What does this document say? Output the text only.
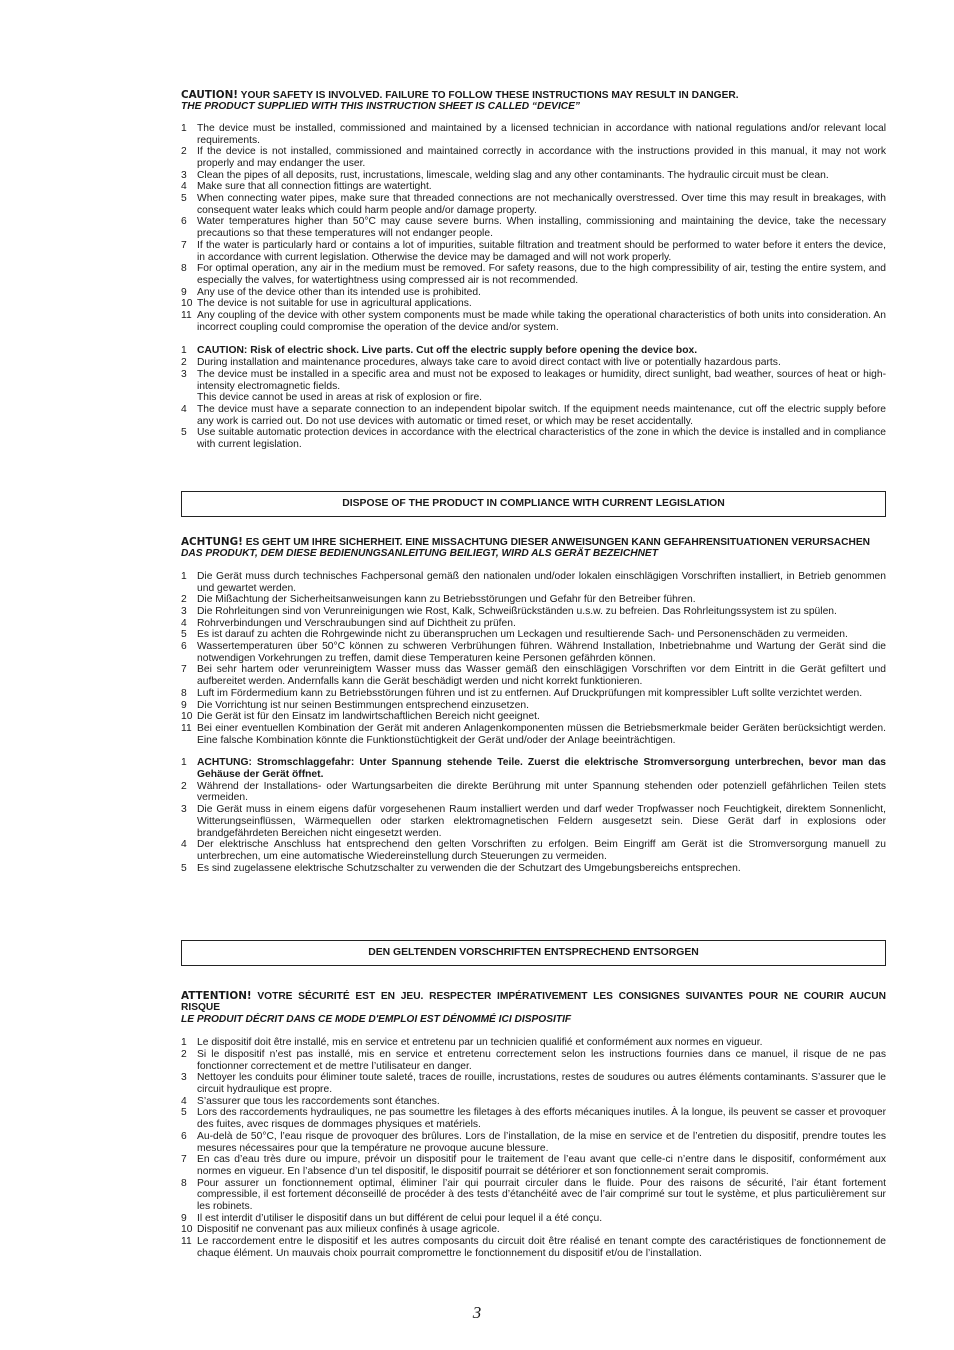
CAUTION! YOUR SAFETY IS INVOLVED. FAILURE TO FOLLOW THESE INSTRUCTIONS MAY RESULT IN DANGER.
THE PRODUCT SUPPLIED WITH THIS INSTRUCTION SHEET IS CALLED “DEVICE”

1 The device must be installed, commissioned and maintained by a licensed technician in accordance with national regulations and/or relevant local requirements.
2 If the device is not installed, commissioned and maintained correctly in accordance with the instructions provided in this manual, it may not work properly and may endanger the user.
3 Clean the pipes of all deposits, rust, incrustations, limescale, welding slag and any other contaminants. The hydraulic circuit must be clean.
4 Make sure that all connection fittings are watertight.
5 When connecting water pipes, make sure that threaded connections are not mechanically overstressed. Over time this may result in breakages, with consequent water leaks which could harm people and/or damage property.
6 Water temperatures higher than 50°C may cause severe burns. When installing, commissioning and maintaining the device, take the necessary precautions so that these temperatures will not endanger people.
7 If the water is particularly hard or contains a lot of impurities, suitable filtration and treatment should be performed to water before it enters the device, in accordance with current legislation. Otherwise the device may be damaged and will not work properly.
8 For optimal operation, any air in the medium must be removed. For safety reasons, due to the high compressibility of air, testing the entire system, and especially the valves, for watertightness using compressed air is not recommended.
9 Any use of the device other than its intended use is prohibited.
10 The device is not suitable for use in agricultural applications.
11 Any coupling of the device with other system components must be made while taking the operational characteristics of both units into consideration. An incorrect coupling could compromise the operation of the device and/or system.
1 CAUTION: Risk of electric shock. Live parts. Cut off the electric supply before opening the device box.
2 During installation and maintenance procedures, always take care to avoid direct contact with live or potentially hazardous parts.
3 The device must be installed in a specific area and must not be exposed to leakages or humidity, direct sunlight, bad weather, sources of heat or high-intensity electromagnetic fields.
This device cannot be used in areas at risk of explosion or fire.
4 The device must have a separate connection to an independent bipolar switch. If the equipment needs maintenance, cut off the electric supply before any work is carried out. Do not use devices with automatic or timed reset, or which may be reset accidentally.
5 Use suitable automatic protection devices in accordance with the electrical characteristics of the zone in which the device is installed and in compliance with current legislation.
DISPOSE OF THE PRODUCT IN COMPLIANCE WITH CURRENT LEGISLATION

ACHTUNG! ES GEHT UM IHRE SICHERHEIT. EINE MISSACHTUNG DIESER ANWEISUNGEN KANN GEFAHRENSITUATIONEN VERURSACHEN
DAS PRODUKT, DEM DIESE BEDIENUNGSANLEITUNG BEILIEGT, WIRD ALS GERÄT BEZEICHNET

1 Die Gerät muss durch technisches Fachpersonal gemäß den nationalen und/oder lokalen einschlägigen Vorschriften installiert, in Betrieb genommen und gewartet werden.
2 Die Mißachtung der Sicherheitsanweisungen kann zu Betriebsstörungen und Gefahr für den Betreiber führen.
3 Die Rohrleitungen sind von Verunreinigungen wie Rost, Kalk, Schweißrückständen u.s.w. zu befreien. Das Rohrleitungssystem ist zu spülen.
4 Rohrverbindungen und Verschraubungen sind auf Dichtheit zu prüfen.
5 Es ist darauf zu achten die Rohrgewinde nicht zu überanspruchen um Leckagen und resultierende Sach- und Personenschäden zu vermeiden.
6 Wassertemperaturen über 50°C können zu schweren Verbrühungen führen. Während Installation, Inbetriebnahme und Wartung der Gerät sind die notwendigen Vorkehrungen zu treffen, damit diese Temperaturen keine Personen gefährden können.
7 Bei sehr hartem oder verunreinigtem Wasser muss das Wasser gemäß den einschlägigen Vorschriften vor dem Eintritt in die Gerät gefiltert und aufbereitet werden. Andernfalls kann die Gerät beschädigt werden und nicht korrekt funktionieren.
8 Luft im Fördermedium kann zu Betriebsstörungen führen und ist zu entfernen. Auf Druckprüfungen mit kompressibler Luft sollte verzichtet werden.
9 Die Vorrichtung ist nur seinen Bestimmungen entsprechend einzusetzen.
10 Die Gerät ist für den Einsatz im landwirtschaftlichen Bereich nicht geeignet.
11 Bei einer eventuellen Kombination der Gerät mit anderen Anlagenkomponenten müssen die Betriebsmerkmale beider Geräten berücksichtigt werden. Eine falsche Kombination könnte die Funktionstüchtigkeit der Gerät und/oder der Anlage beeinträchtigen.
1 ACHTUNG: Stromschlaggefahr: Unter Spannung stehende Teile. Zuerst die elektrische Stromversorgung unterbrechen, bevor man das Gehäuse der Gerät öffnet.
2 Während der Installations- oder Wartungsarbeiten die direkte Berührung mit unter Spannung stehenden oder potenziell gefährlichen Teilen stets vermeiden.
3 Die Gerät muss in einem eigens dafür vorgesehenen Raum installiert werden und darf weder Tropfwasser noch Feuchtigkeit, direktem Sonnenlicht, Witterungseinflüssen, Wärmequellen oder starken elektromagnetischen Feldern ausgesetzt sein. Diese Gerät darf in explosions oder brandgefährdeten Bereichen nicht eingesetzt werden.
4 Der elektrische Anschluss hat entsprechend den gelten Vorschriften zu erfolgen. Beim Eingriff am Gerät ist die Stromversorgung manuell zu unterbrechen, um eine automatische Wiedereinstellung durch Steuerungen zu vermeiden.
5 Es sind zugelassene elektrische Schutzschalter zu verwenden die der Schutzart des Umgebungsbereichs entsprechen.
DEN GELTENDEN VORSCHRIFTEN ENTSPRECHEND ENTSORGEN

ATTENTION! VOTRE SÉCURITÉ EST EN JEU. RESPECTER IMPÉRATIVEMENT LES CONSIGNES SUIVANTES POUR NE COURIR AUCUN RISQUE
LE PRODUIT DÉCRIT DANS CE MODE D'EMPLOI EST DÉNOMMÉ ICI DISPOSITIF

1 Le dispositif doit être installé, mis en service et entretenu par un technicien qualifié et conformément aux normes en vigueur.
2 Si le dispositif n’est pas installé, mis en service et entretenu correctement selon les instructions fournies dans ce manuel, il risque de ne pas fonctionner correctement et de mettre l’utilisateur en danger.
3 Nettoyer les conduits pour éliminer toute saleté, traces de rouille, incrustations, restes de soudures ou autres éléments contaminants. S’assurer que le circuit hydraulique est propre.
4 S’assurer que tous les raccordements sont étanches.
5 Lors des raccordements hydrauliques, ne pas soumettre les filetages à des efforts mécaniques inutiles. À la longue, ils peuvent se casser et provoquer des fuites, avec risques de dommages physiques et matériels.
6 Au-delà de 50°C, l’eau risque de provoquer des brûlures. Lors de l’installation, de la mise en service et de l’entretien du dispositif, prendre toutes les mesures nécessaires pour que la température ne provoque aucune blessure.
7 En cas d’eau très dure ou impure, prévoir un dispositif pour le traitement de l’eau avant que celle-ci n’entre dans le dispositif, conformément aux normes en vigueur. En l’absence d’un tel dispositif, le dispositif pourrait se détériorer et son fonctionnement serait compromis.
8 Pour assurer un fonctionnement optimal, éliminer l’air qui pourrait circuler dans le fluide. Pour des raisons de sécurité, l’air étant fortement compressible, il est fortement déconseillé de procéder à des tests d’étanchéité avec de l’air comprimé sur tout le système, et plus particulièrement sur les robinets.
9 Il est interdit d’utiliser le dispositif dans un but différent de celui pour lequel il a été conçu.
10 Dispositif ne convenant pas aux milieux confinés à usage agricole.
11 Le raccordement entre le dispositif et les autres composants du circuit doit être réalisé en tenant compte des caractéristiques de fonctionnement de chaque élément. Un mauvais choix pourrait compromettre le fonctionnement du dispositif et/ou de l’installation.
3
